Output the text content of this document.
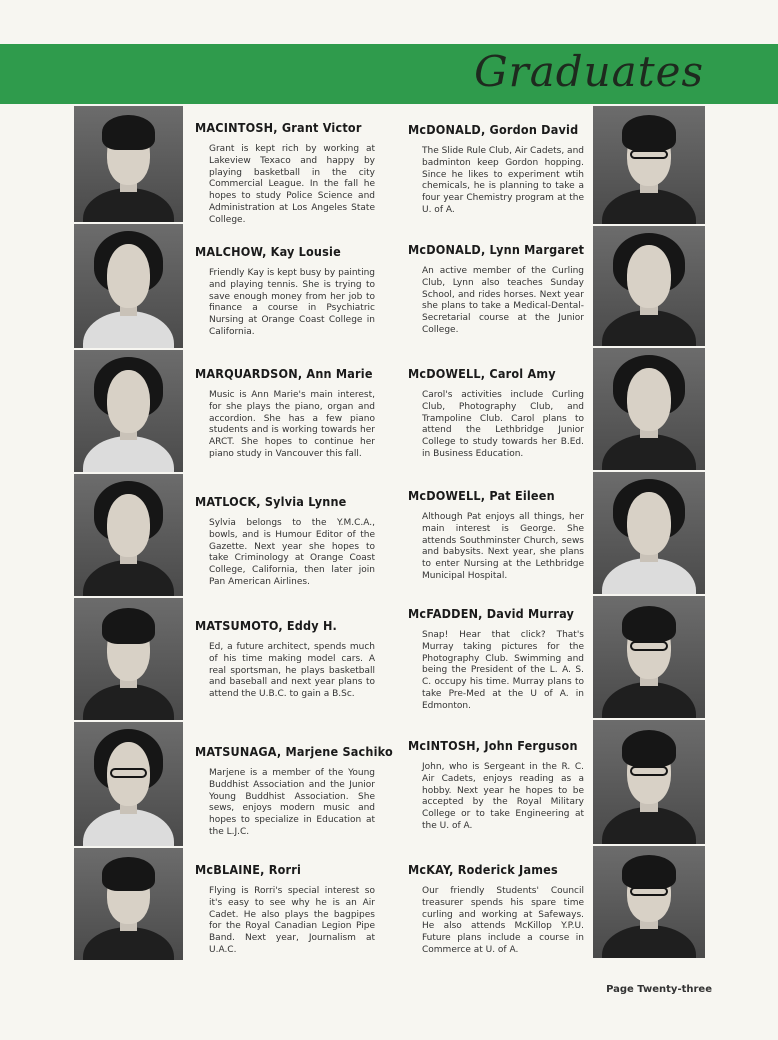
Graduates
MACINTOSH, Grant Victor
Grant is kept rich by working at Lakeview Texaco and happy by playing basketball in the city Commercial League. In the fall he hopes to study Police Science and Administration at Los Angeles State College.
MALCHOW, Kay Lousie
Friendly Kay is kept busy by painting and playing tennis. She is trying to save enough money from her job to finance a course in Psychiatric Nursing at Orange Coast College in California.
MARQUARDSON, Ann Marie
Music is Ann Marie's main interest, for she plays the piano, organ and accordion. She has a few piano students and is working towards her ARCT. She hopes to continue her piano study in Vancouver this fall.
MATLOCK, Sylvia Lynne
Sylvia belongs to the Y.M.C.A., bowls, and is Humour Editor of the Gazette. Next year she hopes to take Criminology at Orange Coast College, California, then later join Pan American Airlines.
MATSUMOTO, Eddy H.
Ed, a future architect, spends much of his time making model cars. A real sportsman, he plays basketball and baseball and next year plans to attend the U.B.C. to gain a B.Sc.
MATSUNAGA, Marjene Sachiko
Marjene is a member of the Young Buddhist Association and the Junior Young Buddhist Association. She sews, enjoys modern music and hopes to specialize in Education at the L.J.C.
McBLAINE, Rorri
Flying is Rorri's special interest so it's easy to see why he is an Air Cadet. He also plays the bagpipes for the Royal Canadian Legion Pipe Band. Next year, Journalism at U.A.C.
McDONALD, Gordon David
The Slide Rule Club, Air Cadets, and badminton keep Gordon hopping. Since he likes to experiment wtih chemicals, he is planning to take a four year Chemistry program at the U. of A.
McDONALD, Lynn Margaret
An active member of the Curling Club, Lynn also teaches Sunday School, and rides horses. Next year she plans to take a Medical-Dental-Secretarial course at the Junior College.
McDOWELL, Carol Amy
Carol's activities include Curling Club, Photography Club, and Trampoline Club. Carol plans to attend the Lethbridge Junior College to study towards her B.Ed. in Business Education.
McDOWELL, Pat Eileen
Although Pat enjoys all things, her main interest is George. She attends Southminster Church, sews and babysits. Next year, she plans to enter Nursing at the Lethbridge Municipal Hospital.
McFADDEN, David Murray
Snap! Hear that click? That's Murray taking pictures for the Photography Club. Swimming and being the President of the L. A. S. C. occupy his time. Murray plans to take Pre-Med at the U of A. in Edmonton.
McINTOSH, John Ferguson
John, who is Sergeant in the R. C. Air Cadets, enjoys reading as a hobby. Next year he hopes to be accepted by the Royal Military College or to take Engineering at the U. of A.
McKAY, Roderick James
Our friendly Students' Council treasurer spends his spare time curling and working at Safeways. He also attends McKillop Y.P.U. Future plans include a course in Commerce at U. of A.
Page Twenty-three
